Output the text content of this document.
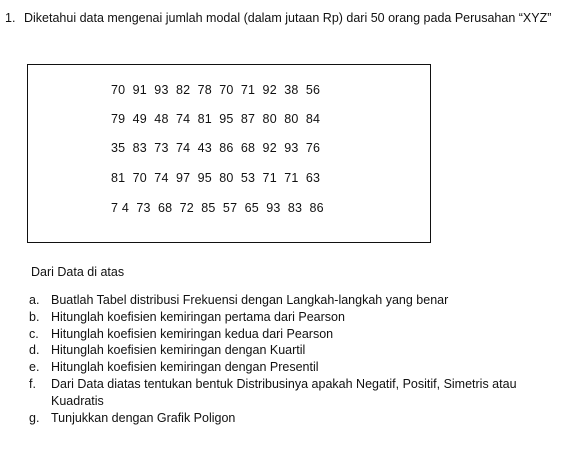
1. Diketahui data mengenai jumlah modal (dalam jutaan Rp) dari 50 orang pada Perusahan “XYZ”
70  91  93  82  78  70  71  92  38  56
79  49  48  74  81  95  87  80  80  84
35  83  73  74  43  86  68  92  93  76
81  70  74  97  95  80  53  71  71  63
7 4  73  68  72  85  57  65  93  83  86
Dari Data di atas
a. Buatlah Tabel distribusi Frekuensi dengan Langkah-langkah yang benar
b. Hitunglah koefisien kemiringan pertama dari Pearson
c. Hitunglah koefisien kemiringan kedua dari Pearson
d. Hitunglah koefisien kemiringan dengan Kuartil
e. Hitunglah koefisien kemiringan dengan Presentil
f.	Dari Data diatas tentukan bentuk Distribusinya apakah Negatif, Positif, Simetris atau Kuadratis
g. Tunjukkan dengan Grafik Poligon
